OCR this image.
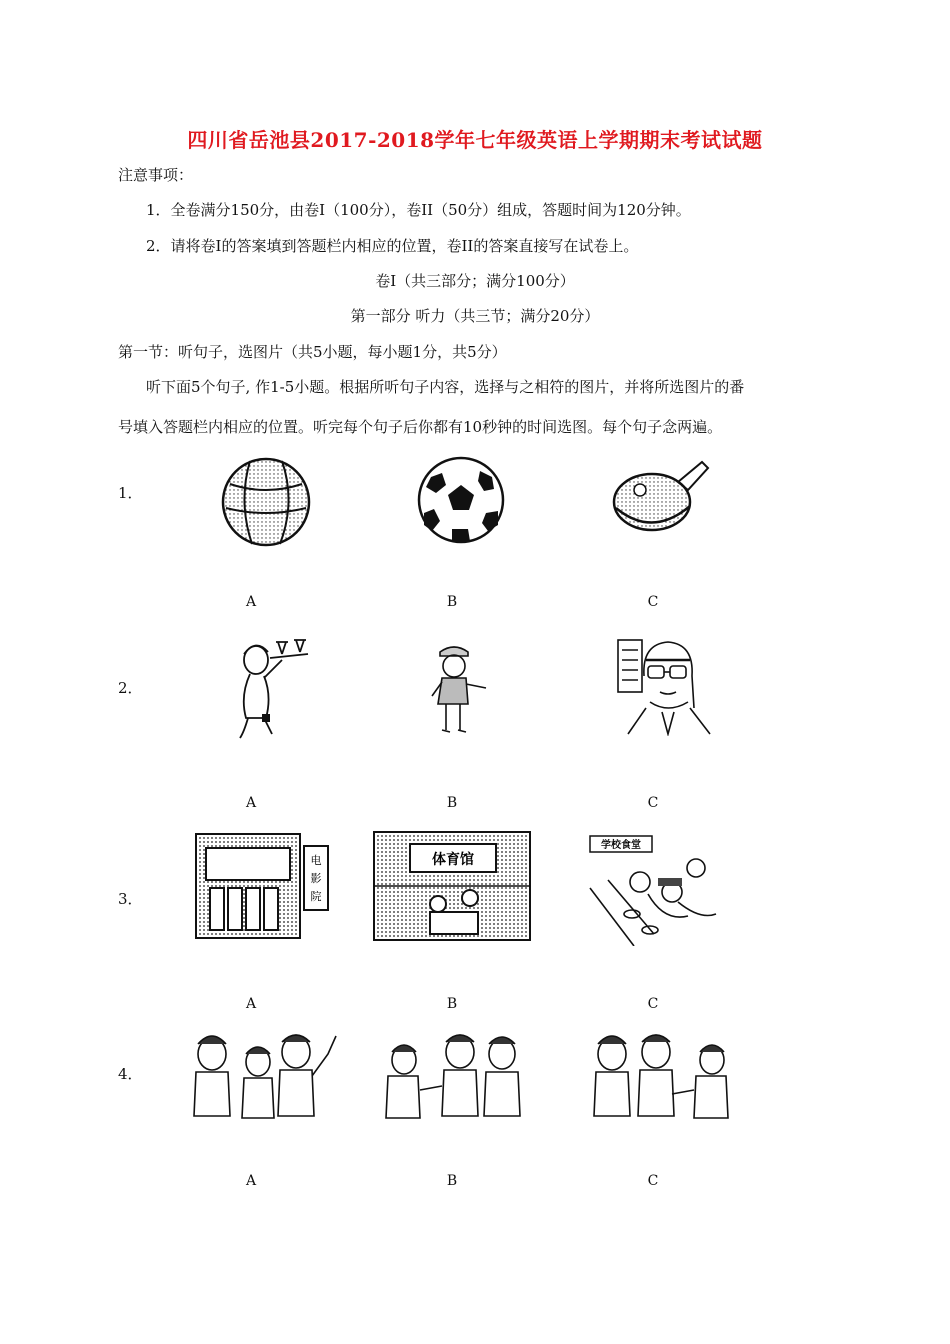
四川省岳池县2017-2018学年七年级英语上学期期末考试试题
注意事项：
1．全卷满分150分，由卷Ⅰ（100分），卷II（50分）组成，答题时间为120分钟。
2．请将卷Ⅰ的答案填到答题栏内相应的位置，卷II的答案直接写在试卷上。
卷Ⅰ（共三部分；满分100分）
第一部分 听力（共三节；满分20分）
第一节：听句子，选图片（共5小题，每小题1分，共5分）
听下面5个句子, 作1-5小题。根据所听句子内容，选择与之相符的图片，并将所选图片的番
号填入答题栏内相应的位置。听完每个句子后你都有10秒钟的时间选图。每个句子念两遍。
1．
A	B	C
2．
A	B	C
3．
电影院
体育馆
学校食堂
A	B	C
4．
A	B	C
